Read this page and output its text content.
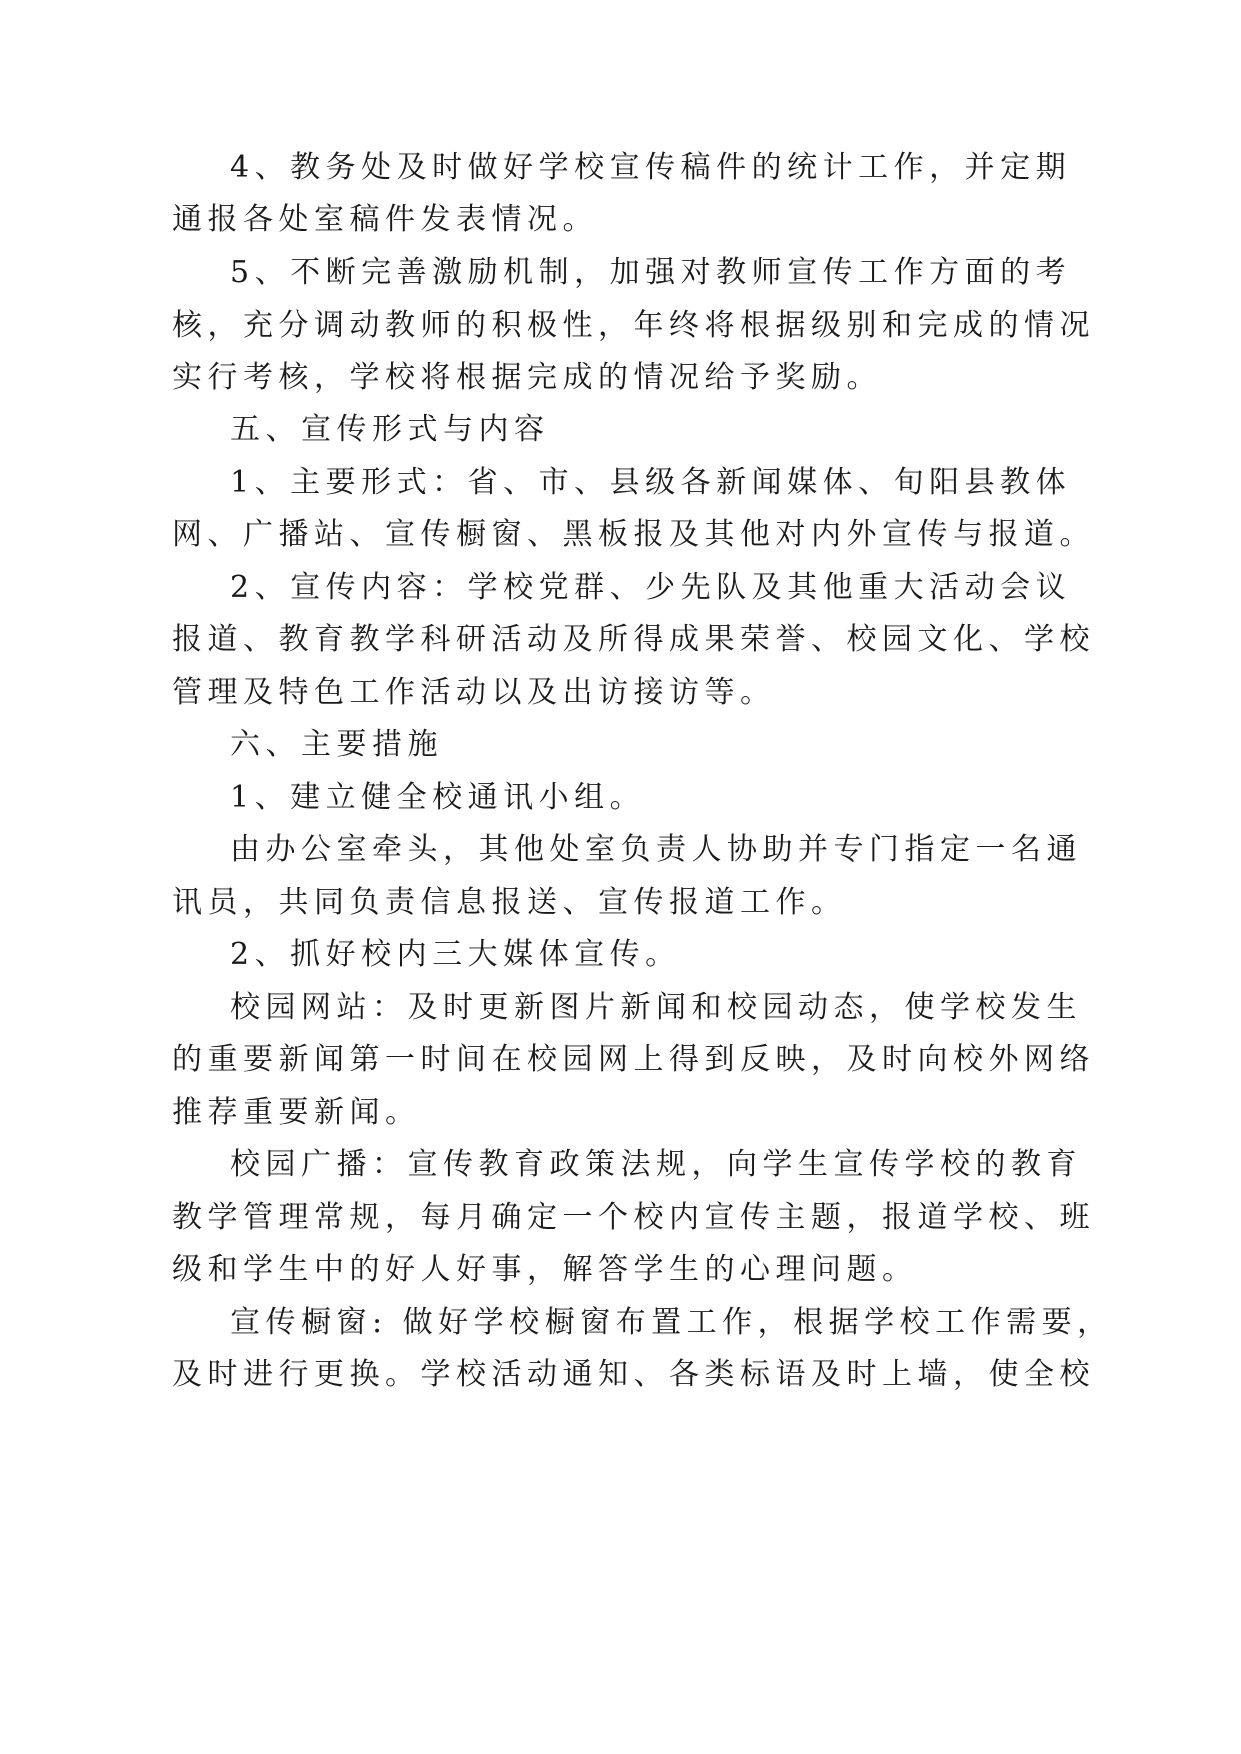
4、教务处及时做好学校宣传稿件的统计工作，并定期
通报各处室稿件发表情况。
5、不断完善激励机制，加强对教师宣传工作方面的考
核，充分调动教师的积极性，年终将根据级别和完成的情况
实行考核，学校将根据完成的情况给予奖励。
五、宣传形式与内容
1、主要形式：省、市、县级各新闻媒体、旬阳县教体
网、广播站、宣传橱窗、黑板报及其他对内外宣传与报道。
2、宣传内容：学校党群、少先队及其他重大活动会议
报道、教育教学科研活动及所得成果荣誉、校园文化、学校
管理及特色工作活动以及出访接访等。
六、主要措施
1、建立健全校通讯小组。
由办公室牵头，其他处室负责人协助并专门指定一名通
讯员，共同负责信息报送、宣传报道工作。
2、抓好校内三大媒体宣传。
校园网站：及时更新图片新闻和校园动态，使学校发生
的重要新闻第一时间在校园网上得到反映，及时向校外网络
推荐重要新闻。
校园广播：宣传教育政策法规，向学生宣传学校的教育
教学管理常规，每月确定一个校内宣传主题，报道学校、班
级和学生中的好人好事，解答学生的心理问题。
宣传橱窗: 做好学校橱窗布置工作，根据学校工作需要，
及时进行更换。学校活动通知、各类标语及时上墙，使全校
